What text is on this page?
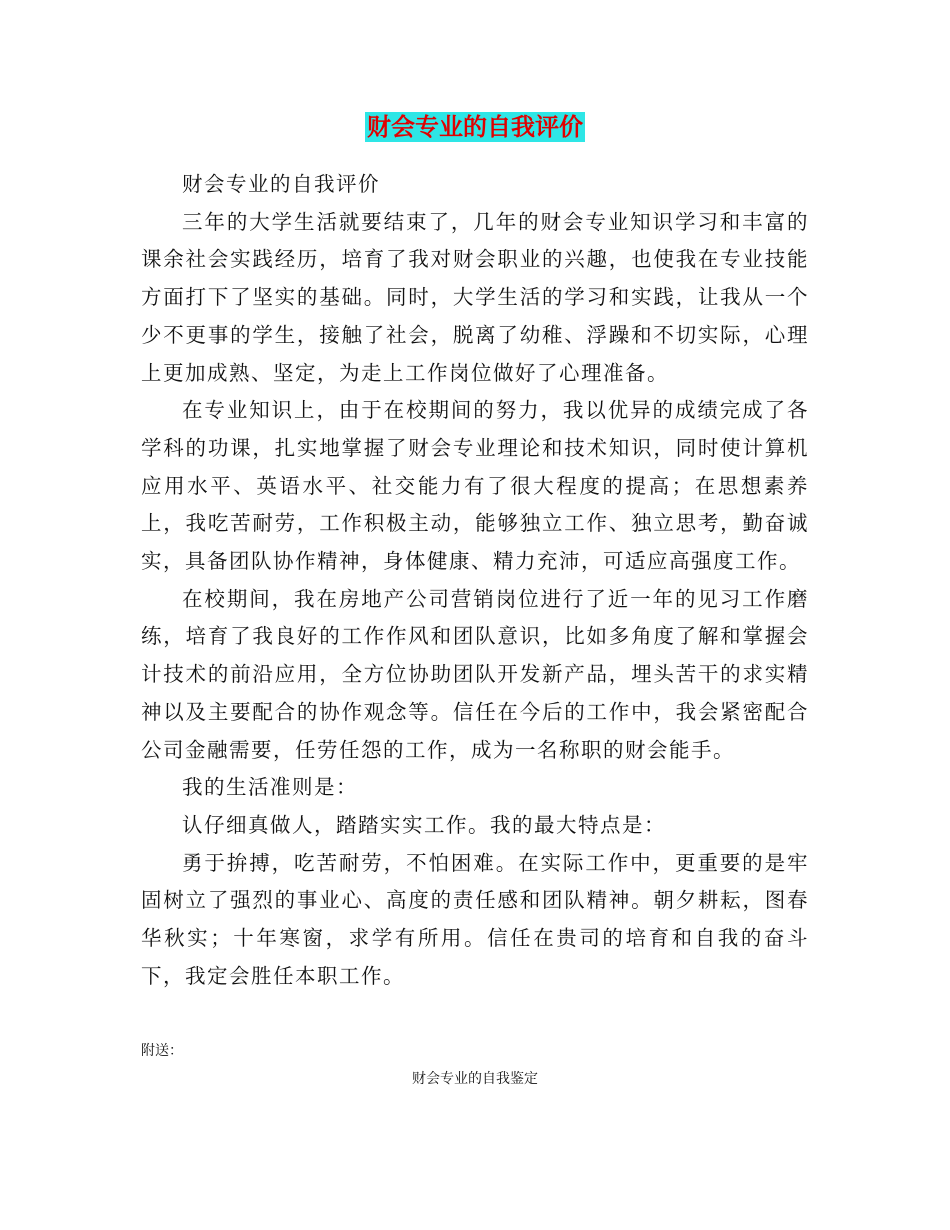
财会专业的自我评价

财会专业的自我评价

三年的大学生活就要结束了，几年的财会专业知识学习和丰富的课余社会实践经历，培育了我对财会职业的兴趣，也使我在专业技能方面打下了坚实的基础。同时，大学生活的学习和实践，让我从一个少不更事的学生，接触了社会，脱离了幼稚、浮躁和不切实际，心理上更加成熟、坚定，为走上工作岗位做好了心理准备。

在专业知识上，由于在校期间的努力，我以优异的成绩完成了各学科的功课，扎实地掌握了财会专业理论和技术知识，同时使计算机应用水平、英语水平、社交能力有了很大程度的提高；在思想素养上，我吃苦耐劳，工作积极主动，能够独立工作、独立思考，勤奋诚实，具备团队协作精神，身体健康、精力充沛，可适应高强度工作。

在校期间，我在房地产公司营销岗位进行了近一年的见习工作磨练，培育了我良好的工作作风和团队意识，比如多角度了解和掌握会计技术的前沿应用，全方位协助团队开发新产品，埋头苦干的求实精神以及主要配合的协作观念等。信任在今后的工作中，我会紧密配合公司金融需要，任劳任怨的工作，成为一名称职的财会能手。

我的生活准则是：

认仔细真做人，踏踏实实工作。我的最大特点是：

勇于拚搏，吃苦耐劳，不怕困难。在实际工作中，更重要的是牢固树立了强烈的事业心、高度的责任感和团队精神。朝夕耕耘，图春华秋实；十年寒窗，求学有所用。信任在贵司的培育和自我的奋斗下，我定会胜任本职工作。

附送：
财会专业的自我鉴定
